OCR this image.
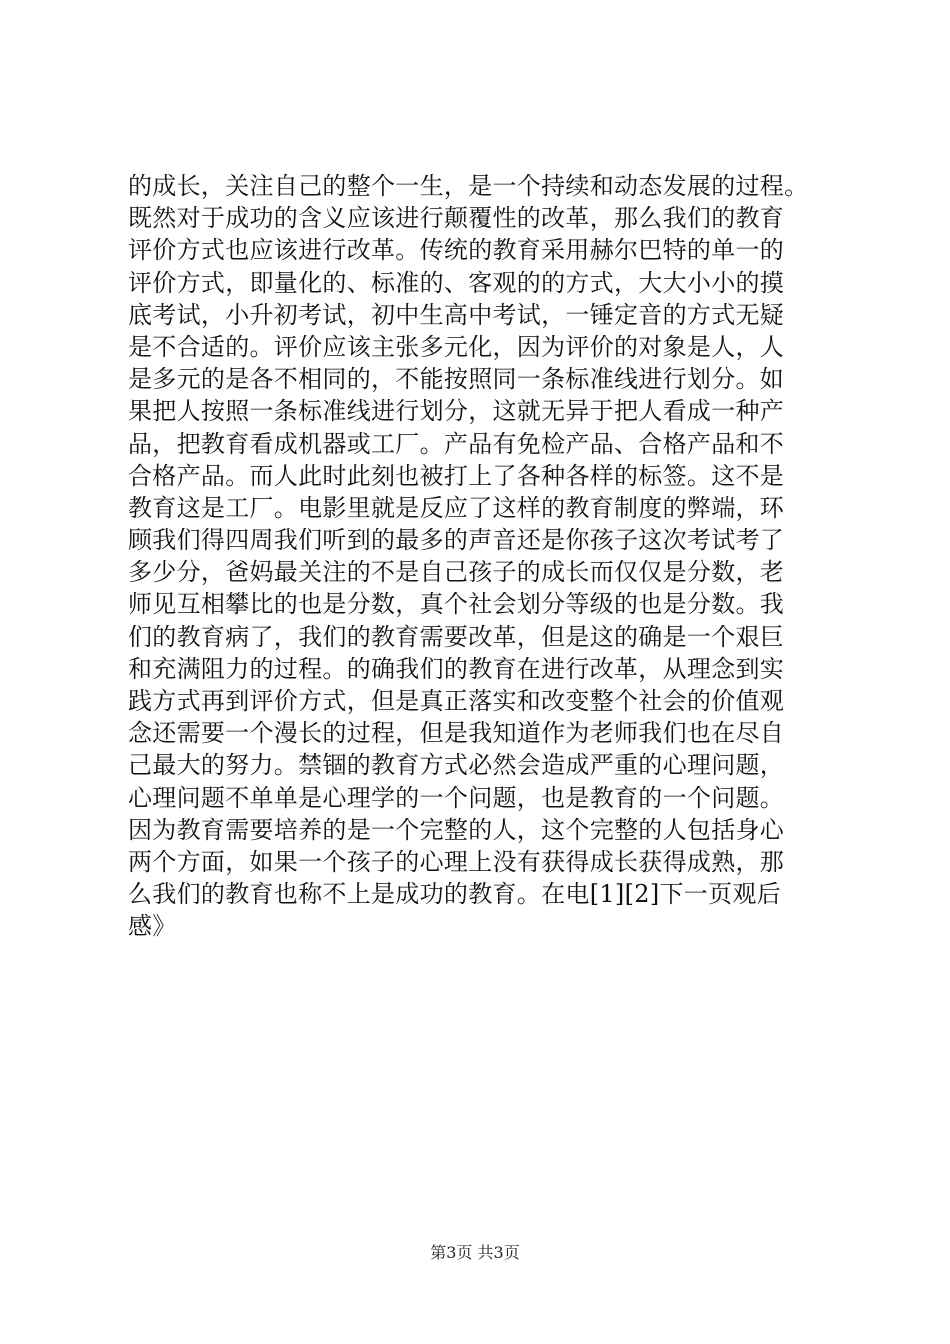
的成长，关注自己的整个一生，是一个持续和动态发展的过程。
既然对于成功的含义应该进行颠覆性的改革，那么我们的教育
评价方式也应该进行改革。传统的教育采用赫尔巴特的单一的
评价方式，即量化的、标准的、客观的的方式，大大小小的摸
底考试，小升初考试，初中生高中考试，一锤定音的方式无疑
是不合适的。评价应该主张多元化，因为评价的对象是人，人
是多元的是各不相同的，不能按照同一条标准线进行划分。如
果把人按照一条标准线进行划分，这就无异于把人看成一种产
品，把教育看成机器或工厂。产品有免检产品、合格产品和不
合格产品。而人此时此刻也被打上了各种各样的标签。这不是
教育这是工厂。电影里就是反应了这样的教育制度的弊端，环
顾我们得四周我们听到的最多的声音还是你孩子这次考试考了
多少分，爸妈最关注的不是自己孩子的成长而仅仅是分数，老
师见互相攀比的也是分数，真个社会划分等级的也是分数。我
们的教育病了，我们的教育需要改革，但是这的确是一个艰巨
和充满阻力的过程。的确我们的教育在进行改革，从理念到实
践方式再到评价方式，但是真正落实和改变整个社会的价值观
念还需要一个漫长的过程，但是我知道作为老师我们也在尽自
己最大的努力。禁锢的教育方式必然会造成严重的心理问题，
心理问题不单单是心理学的一个问题，也是教育的一个问题。
因为教育需要培养的是一个完整的人，这个完整的人包括身心
两个方面，如果一个孩子的心理上没有获得成长获得成熟，那
么我们的教育也称不上是成功的教育。在电[1][2]下一页观后
感》
第3页 共3页
